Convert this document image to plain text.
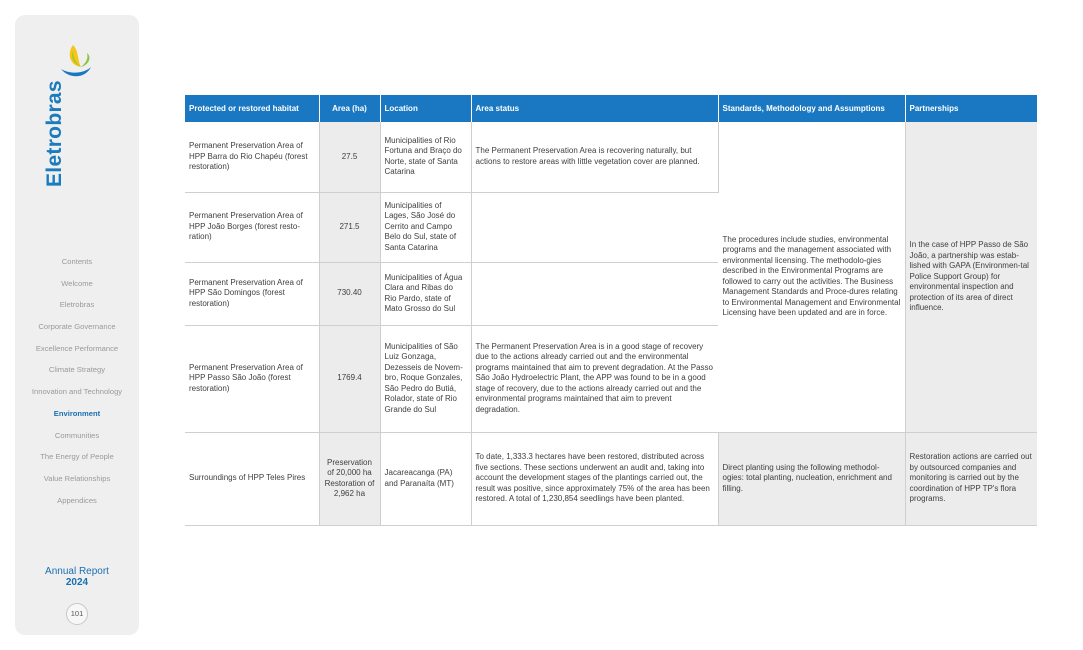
Eletrobras
Contents
Welcome
Eletrobras
Corporate Governance
Excellence Performance
Climate Strategy
Innovation and Technology
Environment
Communities
The Energy of People
Value Relationships
Appendices
Annual Report
2024
101
Protected or restored habitat	Area (ha)	Location	Area status	Standards, Methodology and Assumptions	Partnerships
Permanent Preservation Area of HPP Barra do Rio Chapéu (forest restoration)	27.5	Municipalities of Rio Fortuna and Braço do Norte, state of Santa Catarina	The Permanent Preservation Area is recovering naturally, but actions to restore areas with little vegetation cover are planned.	The procedures include studies, environmental programs and the management associated with environmental licensing. The methodolo-gies described in the Environmental Programs are followed to carry out the activities. The Business Management Standards and Proce-dures relating to Environmental Management and Environmental Licensing have been updated and are in force.	In the case of HPP Passo de São João, a partnership was estab-lished with GAPA (Environmen-tal Police Support Group) for environmental inspection and protection of its area of direct influence.
Permanent Preservation Area of HPP João Borges (forest resto-ration)	271.5	Municipalities of Lages, São José do Cerrito and Campo Belo do Sul, state of Santa Catarina			
Permanent Preservation Area of HPP São Domingos (forest restoration)	730.40	Municipalities of Água Clara and Ribas do Rio Pardo, state of Mato Grosso do Sul			
Permanent Preservation Area of HPP Passo São João (forest restoration)	1769.4	Municipalities of São Luiz Gonzaga, Dezesseis de Novem-bro, Roque Gonzales, São Pedro do Butiá, Rolador, state of Rio Grande do Sul	The Permanent Preservation Area is in a good stage of recovery due to the actions already carried out and the environmental programs maintained that aim to prevent degradation. At the Passo São João Hydroelectric Plant, the APP was found to be in a good stage of recovery, due to the actions already carried out and the environmental programs maintained that aim to prevent degradation.		
Surroundings of HPP Teles Pires	Preservation of 20,000 ha Restoration of 2,962 ha	Jacareacanga (PA) and Paranaíta (MT)	To date, 1,333.3 hectares have been restored, distributed across five sections. These sections underwent an audit and, taking into account the development stages of the plantings carried out, the result was positive, since approximately 75% of the area has been restored. A total of 1,230,854 seedlings have been planted.	Direct planting using the following methodol-ogies: total planting, nucleation, enrichment and filling.	Restoration actions are carried out by outsourced companies and monitoring is carried out by the coordination of HPP TP's flora programs.
